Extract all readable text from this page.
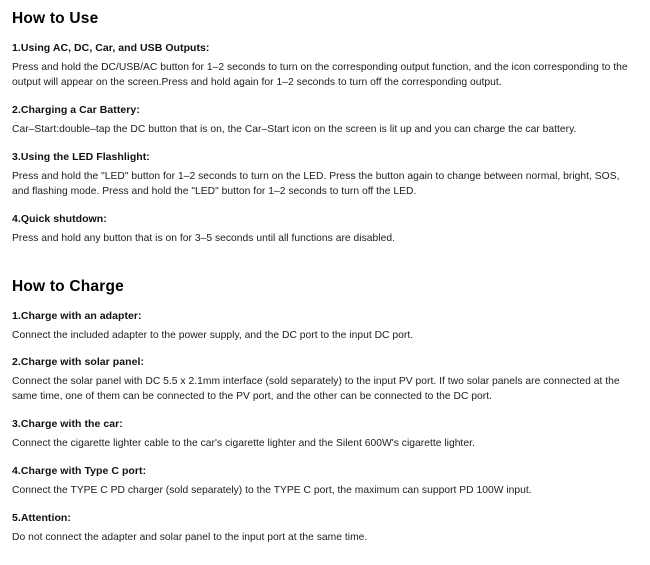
How to Use

1.Using AC, DC, Car, and USB Outputs:

Press and hold the DC/USB/AC button for 1–2 seconds to turn on the corresponding output function, and the icon corresponding to the output will appear on the screen.Press and hold again for 1–2 seconds to turn off the corresponding output.

2.Charging a Car Battery:

Car–Start:double–tap the DC button that is on, the Car–Start icon on the screen is lit up and you can charge the car battery.

3.Using the LED Flashlight:

Press and hold the "LED" button for 1–2 seconds to turn on the LED. Press the button again to change between normal, bright, SOS, and flashing mode. Press and hold the "LED" button for 1–2 seconds to turn off the LED.

4.Quick shutdown:

Press and hold any button that is on for 3–5 seconds until all functions are disabled.

How to Charge

1.Charge with an adapter:

Connect the included adapter to the power supply, and the DC port to the input DC port.

2.Charge with solar panel:

Connect the solar panel with DC 5.5 x 2.1mm interface (sold separately) to the input PV port. If two solar panels are connected at the same time, one of them can be connected to the PV port, and the other can be connected to the DC port.

3.Charge with the car:

Connect the cigarette lighter cable to the car's cigarette lighter and the Silent 600W's cigarette lighter.

4.Charge with Type C port:

Connect the TYPE C PD charger (sold separately) to the TYPE C port, the maximum can support PD 100W input.

5.Attention:

Do not connect the adapter and solar panel to the input port at the same time.
